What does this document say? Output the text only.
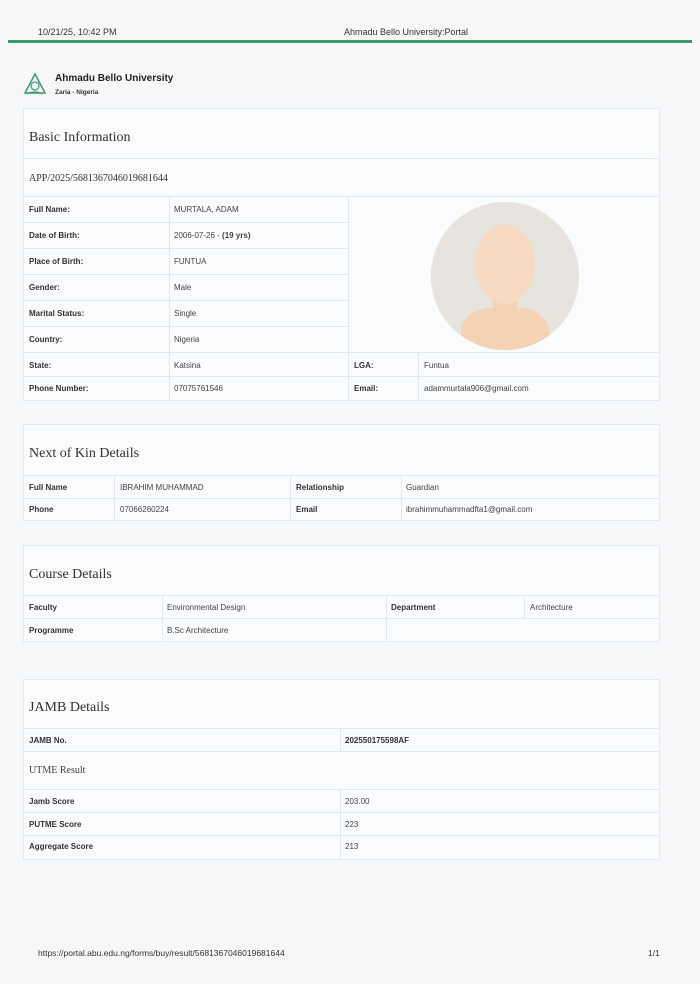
10/21/25, 10:42 PM	Ahmadu Bello University:Portal
Ahmadu Bello University
Zaria - Nigeria
Basic Information
APP/2025/5681367046019681644
Full Name:	MURTALA, ADAM
Date of Birth:	2006-07-26 - (19 yrs)
Place of Birth:	FUNTUA
Gender:	Male
Marital Status:	Single
Country:	Nigeria
State:	Katsina	LGA:	Funtua
Phone Number:	07075761546	Email:	adammurtala906@gmail.com
Next of Kin Details
Full Name	IBRAHIM MUHAMMAD	Relationship	Guardian
Phone	07066260224	Email	ibrahimmuhammadfta1@gmail.com
Course Details
Faculty	Environmental Design	Department	Architecture
Programme	B.Sc Architecture
JAMB Details
JAMB No.	202550175598AF
UTME Result
Jamb Score	203.00
PUTME Score	223
Aggregate Score	213
https://portal.abu.edu.ng/forms/buy/result/5681367046019681644	1/1
